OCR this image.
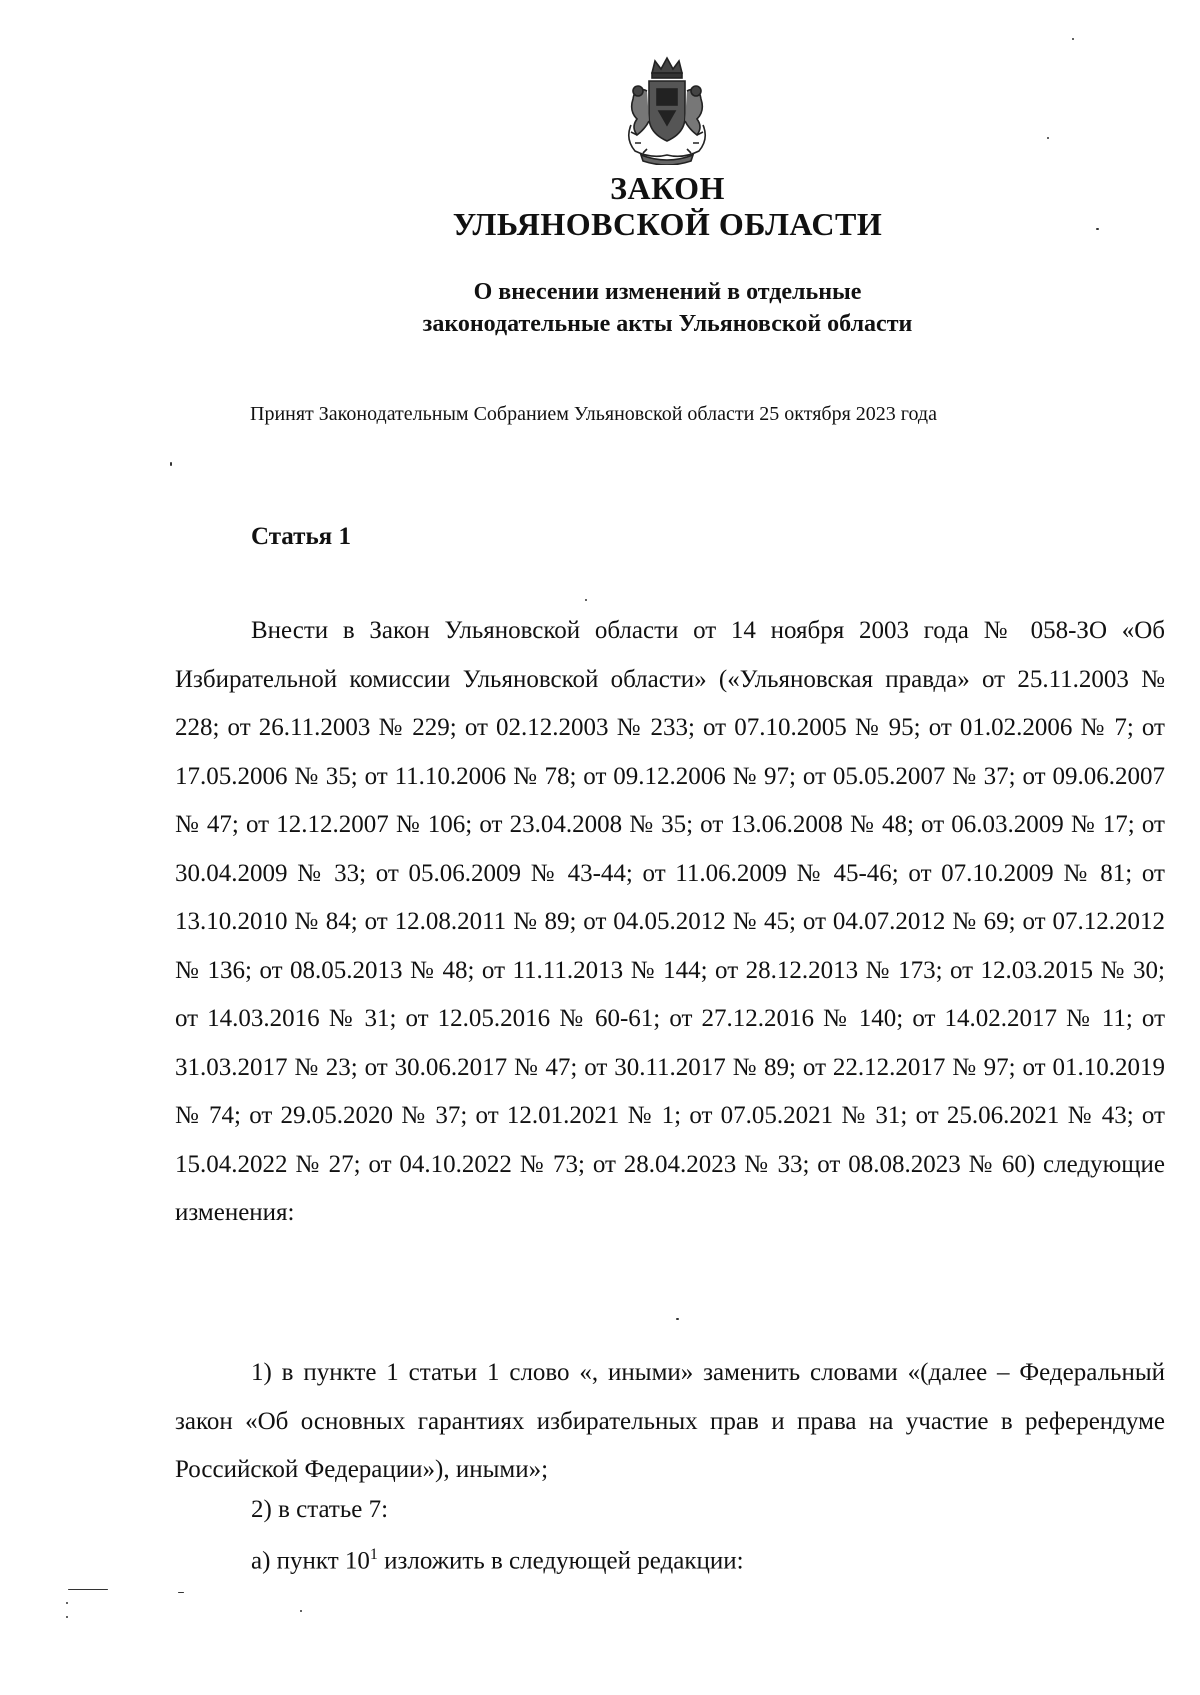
ЗАКОН
УЛЬЯНОВСКОЙ ОБЛАСТИ
О внесении изменений в отдельные
законодательные акты Ульяновской области
Принят Законодательным Собранием Ульяновской области 25 октября 2023 года
Статья 1

Внести в Закон Ульяновской области от 14 ноября 2003 года № 058-ЗО «Об Избирательной комиссии Ульяновской области» («Ульяновская правда» от 25.11.2003 № 228; от 26.11.2003 № 229; от 02.12.2003 № 233; от 07.10.2005 № 95; от 01.02.2006 № 7; от 17.05.2006 № 35; от 11.10.2006 № 78; от 09.12.2006 № 97; от 05.05.2007 № 37; от 09.06.2007 № 47; от 12.12.2007 № 106; от 23.04.2008 № 35; от 13.06.2008 № 48; от 06.03.2009 № 17; от 30.04.2009 № 33; от 05.06.2009 № 43-44; от 11.06.2009 № 45-46; от 07.10.2009 № 81; от 13.10.2010 № 84; от 12.08.2011 № 89; от 04.05.2012 № 45; от 04.07.2012 № 69; от 07.12.2012 № 136; от 08.05.2013 № 48; от 11.11.2013 № 144; от 28.12.2013 № 173; от 12.03.2015 № 30; от 14.03.2016 № 31; от 12.05.2016 № 60-61; от 27.12.2016 № 140; от 14.02.2017 № 11; от 31.03.2017 № 23; от 30.06.2017 № 47; от 30.11.2017 № 89; от 22.12.2017 № 97; от 01.10.2019 № 74; от 29.05.2020 № 37; от 12.01.2021 № 1; от 07.05.2021 № 31; от 25.06.2021 № 43; от 15.04.2022 № 27; от 04.10.2022 № 73; от 28.04.2023 № 33; от 08.08.2023 № 60) следующие изменения:

1) в пункте 1 статьи 1 слово «, иными» заменить словами «(далее – Федеральный закон «Об основных гарантиях избирательных прав и права на участие в референдуме Российской Федерации»), иными»;

2) в статье 7:
а) пункт $10^1$ изложить в следующей редакции:
